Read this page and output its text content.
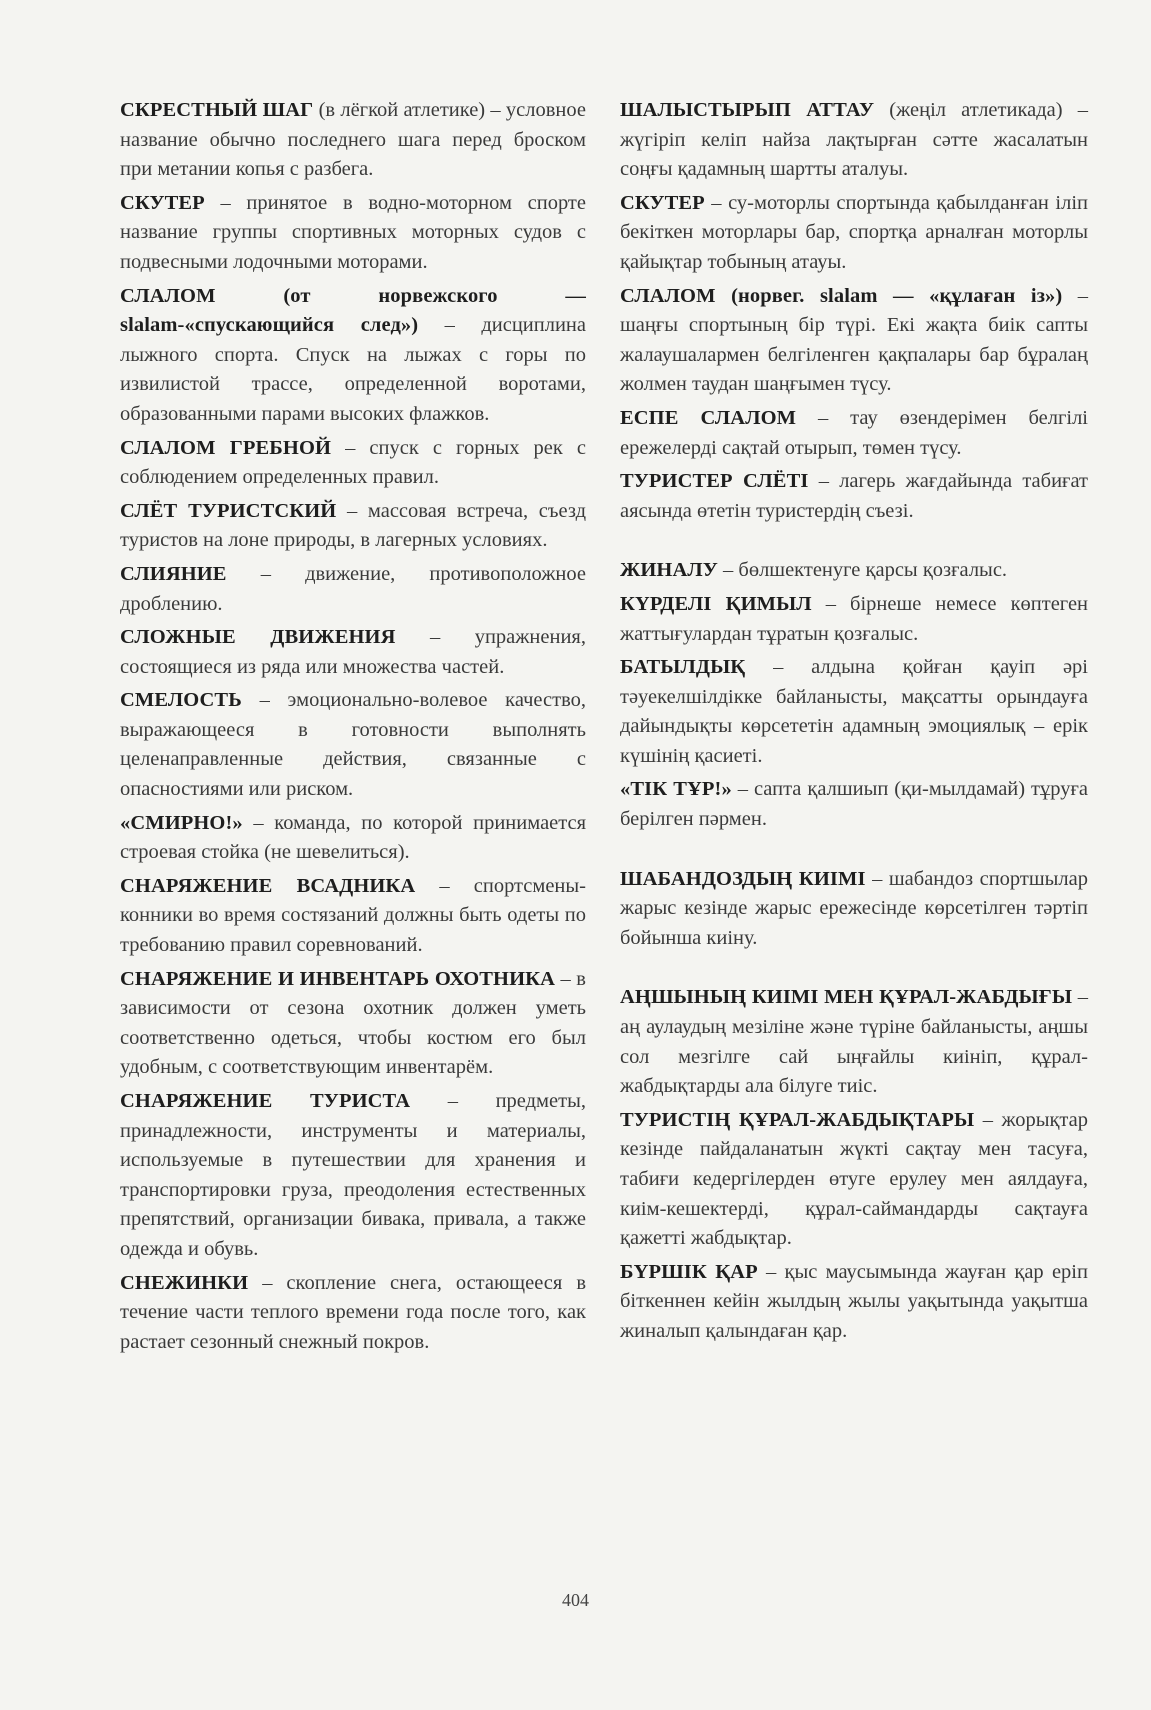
СКРЕСТНЫЙ ШАГ (в лёгкой атлетике) – условное название обычно последнего шага перед броском при метании копья с разбега.

СКУТЕР – принятое в водно-моторном спорте название группы спортивных моторных судов с подвесными лодочными моторами.

СЛАЛОМ (от норвежского —slalam-«спускающийся след») – дисциплина лыжного спорта. Спуск на лыжах с горы по извилистой трассе, определенной воротами, образованными парами высоких флажков.

СЛАЛОМ ГРЕБНОЙ – спуск с горных рек с соблюдением определенных правил.

СЛЁТ ТУРИСТСКИЙ – массовая встреча, съезд туристов на лоне природы, в лагерных условиях.

СЛИЯНИЕ – движение, противоположное дроблению.

СЛОЖНЫЕ ДВИЖЕНИЯ – упражнения, состоящиеся из ряда или множества частей.

СМЕЛОСТЬ – эмоционально-волевое качество, выражающееся в готовности выполнять целенаправленные действия, связанные с опасностиями или риском.

«СМИРНО!» – команда, по которой принимается строевая стойка (не шевелиться).

СНАРЯЖЕНИЕ ВСАДНИКА – спортсмены-конники во время состязаний должны быть одеты по требованию правил соревнований.

СНАРЯЖЕНИЕ И ИНВЕНТАРЬ ОХОТНИКА – в зависимости от сезона охотник должен уметь соответственно одеться, чтобы костюм его был удобным, с соответствующим инвентарём.

СНАРЯЖЕНИЕ ТУРИСТА – предметы, принадлежности, инструменты и материалы, используемые в путешествии для хранения и транспортировки груза, преодоления естественных препятствий, организации бивака, привала, а также одежда и обувь.

СНЕЖИНКИ – скопление снега, остающееся в течение части теплого времени года после того, как растает сезонный снежный покров.

ШАЛЫСТЫРЫП АТТАУ (жеңіл атлетикада) – жүгіріп келіп найза лақтырған сәтте жасалатын соңғы қадамның шартты аталуы.

СКУТЕР – су-моторлы спортында қабылданған іліп бекіткен моторлары бар, спортқа арналған моторлы қайықтар тобының атауы.

СЛАЛОМ (норвег. slalam — «құлаған із») – шаңғы спортының бір түрі. Екі жақта биік сапты жалаушалармен белгіленген қақпалары бар бұралаң жолмен таудан шаңғымен түсу.

ЕСПЕ СЛАЛОМ – тау өзендерімен белгілі ережелерді сақтай отырып, төмен түсу.

ТУРИСТЕР СЛЁТІ – лагерь жағдайында табиғат аясында өтетін туристердің съезі.

ЖИНАЛУ – бөлшектенуге қарсы қозғалыс.

КҮРДЕЛІ ҚИМЫЛ – бірнеше немесе көптеген жаттығулардан тұратын қозғалыс.

БАТЫЛДЫҚ – алдына қойған қауіп әрі тәуекелшілдікке байланысты, мақсатты орындауға дайындықты көрсететін адамның эмоциялық – ерік күшінің қасиеті.

«ТІК ТҰР!» – сапта қалшиып (қи-мылдамай) тұруға берілген пәрмен.

ШАБАНДОЗДЫҢ КИІМІ – шабандоз спортшылар жарыс кезінде жарыс ережесінде көрсетілген тәртіп бойынша киіну.

АҢШЫНЫҢ КИІМІ МЕН ҚҰРАЛ-ЖАБДЫҒЫ – аң аулаудың мезіліне және түріне байланысты, аңшы сол мезгілге сай ыңғайлы киініп, құрал-жабдықтарды ала білуге тиіс.

ТУРИСТІҢ ҚҰРАЛ-ЖАБДЫҚТАРЫ – жорықтар кезінде пайдаланатын жүкті сақтау мен тасуға, табиғи кедергілерден өтуге ерулеу мен аялдауға, киім-кешектерді, құрал-саймандарды сақтауға қажетті жабдықтар.

БҮРШІК ҚАР – қыс маусымында жауған қар еріп біткеннен кейін жылдың жылы уақытында уақытша жиналып қалындаған қар.

404
